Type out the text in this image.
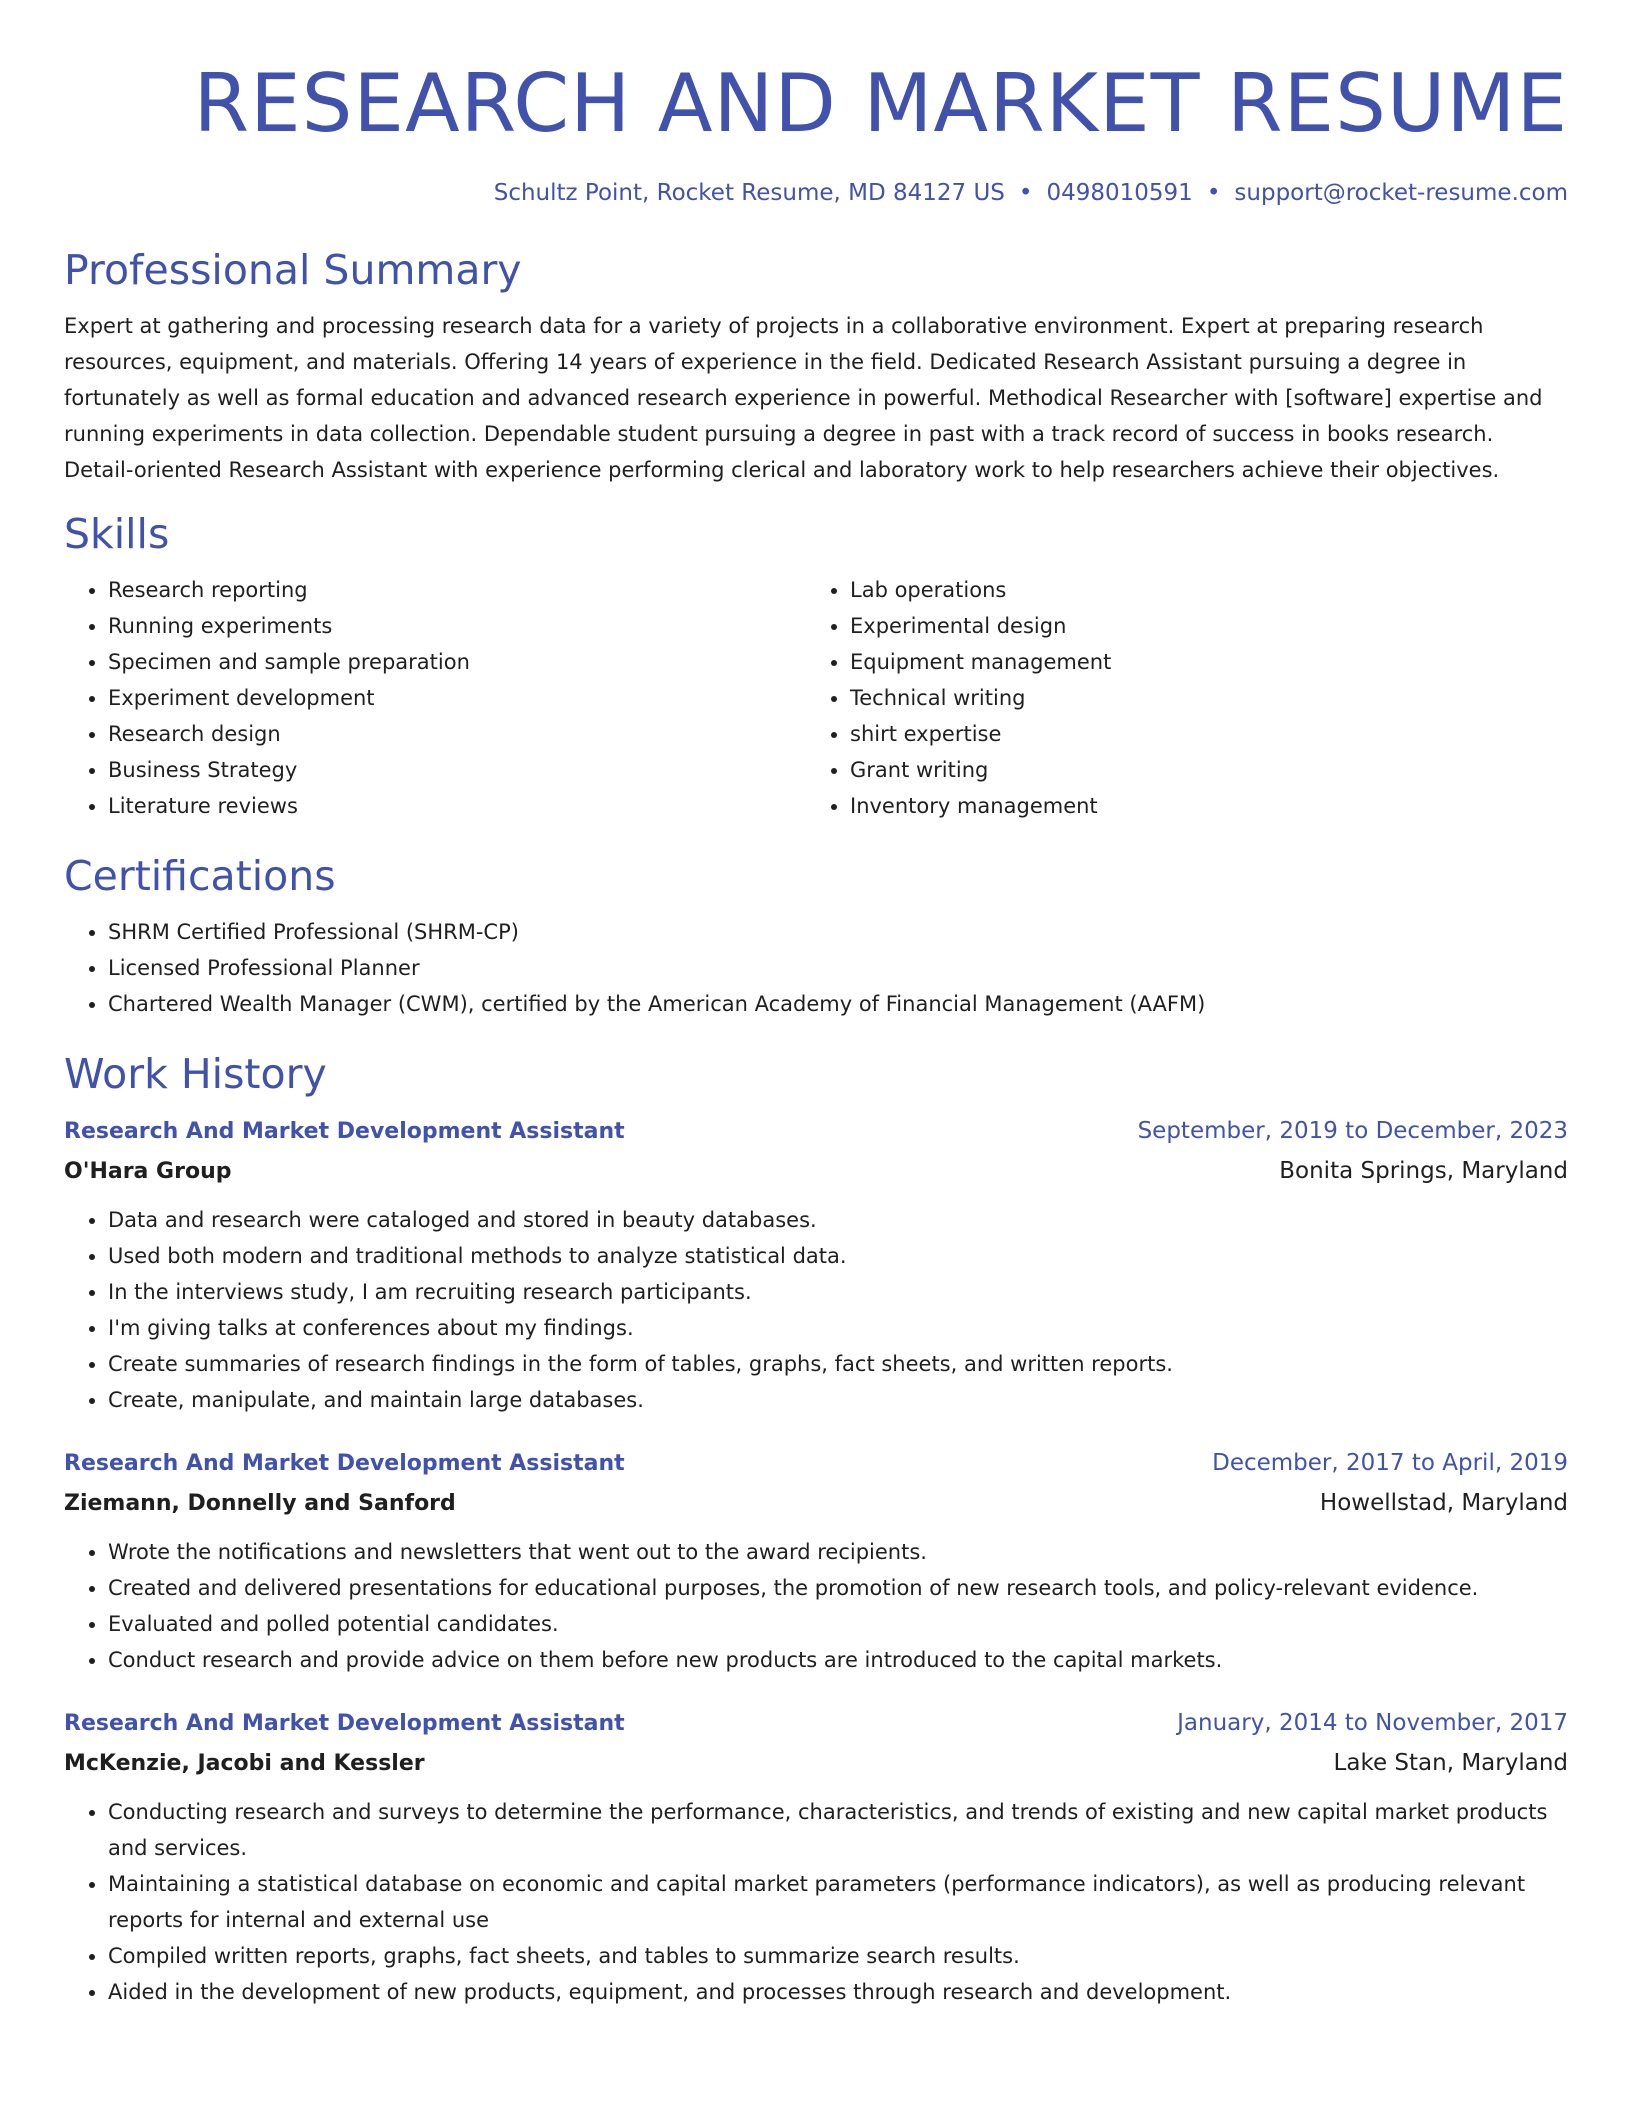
RESEARCH AND MARKET RESUME
Schultz Point, Rocket Resume, MD 84127 US • 0498010591 • support@rocket-resume.com
Professional Summary

Expert at gathering and processing research data for a variety of projects in a collaborative environment. Expert at preparing research resources, equipment, and materials. Offering 14 years of experience in the field. Dedicated Research Assistant pursuing a degree in fortunately as well as formal education and advanced research experience in powerful. Methodical Researcher with [software] expertise and running experiments in data collection. Dependable student pursuing a degree in past with a track record of success in books research. Detail-oriented Research Assistant with experience performing clerical and laboratory work to help researchers achieve their objectives.

Skills
• Research reporting
• Running experiments
• Specimen and sample preparation
• Experiment development
• Research design
• Business Strategy
• Literature reviews
• Lab operations
• Experimental design
• Equipment management
• Technical writing
• shirt expertise
• Grant writing
• Inventory management
Certifications
• SHRM Certified Professional (SHRM-CP)
• Licensed Professional Planner
• Chartered Wealth Manager (CWM), certified by the American Academy of Financial Management (AAFM)
Work History
Research And Market Development Assistant	September, 2019 to December, 2023
O'Hara Group	Bonita Springs, Maryland
• Data and research were cataloged and stored in beauty databases.
• Used both modern and traditional methods to analyze statistical data.
• In the interviews study, I am recruiting research participants.
• I'm giving talks at conferences about my findings.
• Create summaries of research findings in the form of tables, graphs, fact sheets, and written reports.
• Create, manipulate, and maintain large databases.
Research And Market Development Assistant	December, 2017 to April, 2019
Ziemann, Donnelly and Sanford	Howellstad, Maryland
• Wrote the notifications and newsletters that went out to the award recipients.
• Created and delivered presentations for educational purposes, the promotion of new research tools, and policy-relevant evidence.
• Evaluated and polled potential candidates.
• Conduct research and provide advice on them before new products are introduced to the capital markets.
Research And Market Development Assistant	January, 2014 to November, 2017
McKenzie, Jacobi and Kessler	Lake Stan, Maryland
• Conducting research and surveys to determine the performance, characteristics, and trends of existing and new capital market products and services.
• Maintaining a statistical database on economic and capital market parameters (performance indicators), as well as producing relevant reports for internal and external use
• Compiled written reports, graphs, fact sheets, and tables to summarize search results.
• Aided in the development of new products, equipment, and processes through research and development.
